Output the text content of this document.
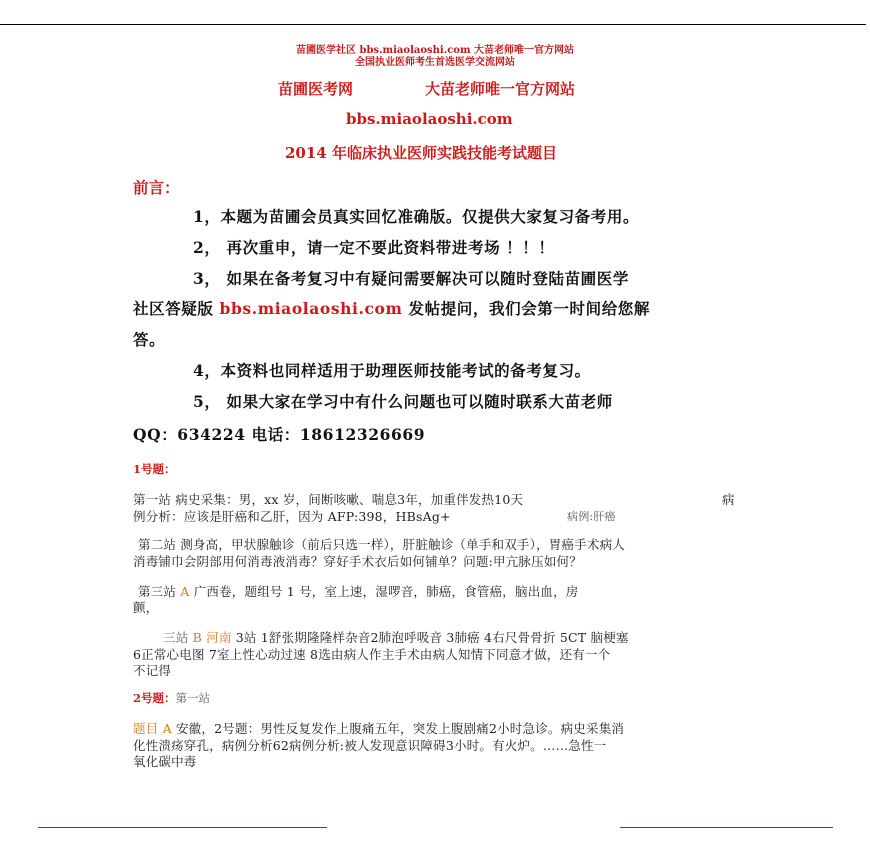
苗圃医学社区 bbs.miaolaoshi.com 大苗老师唯一官方网站
全国执业医师考生首选医学交流网站
苗圃医考网	大苗老师唯一官方网站
bbs.miaolaoshi.com
2014 年临床执业医师实践技能考试题目
前言：
1，本题为苗圃会员真实回忆准确版。仅提供大家复习备考用。
2， 再次重申，请一定不要此资料带进考场 ！！！
3， 如果在备考复习中有疑问需要解决可以随时登陆苗圃医学
社区答疑版 bbs.miaolaoshi.com 发帖提问，我们会第一时间给您解
答。
4，本资料也同样适用于助理医师技能考试的备考复习。
5， 如果大家在学习中有什么问题也可以随时联系大苗老师
QQ：634224 电话：18612326669
1号题：
第一站 病史采集：男，xx 岁，间断咳嗽、喘息3年，加重伴发热10天	病
例分析：应该是肝癌和乙肝，因为 AFP:398，HBsAg+	病例:肝癌
第二站 测身高，甲状腺触诊（前后只选一样），肝脏触诊（单手和双手），胃癌手术病人
消毒铺巾会阴部用何消毒液消毒？穿好手术衣后如何铺单？问题:甲亢脉压如何？
第三站 A 广西卷，题组号 1 号，室上速，湿啰音，肺癌，食管癌，脑出血，房
颤，
三站 B 河南 3站 1舒张期隆隆样杂音2肺泡呼吸音 3肺癌 4右尺骨骨折 5CT 脑梗塞
6正常心电图 7室上性心动过速 8选由病人作主手术由病人知情下同意才做，还有一个
不记得
2号题：第一站
题目 A 安徽，2号题：男性反复发作上腹痛五年，突发上腹剧痛2小时急诊。病史采集消
化性溃疡穿孔，病例分析62病例分析:被人发现意识障碍3小时。有火炉。……急性一
氧化碳中毒
